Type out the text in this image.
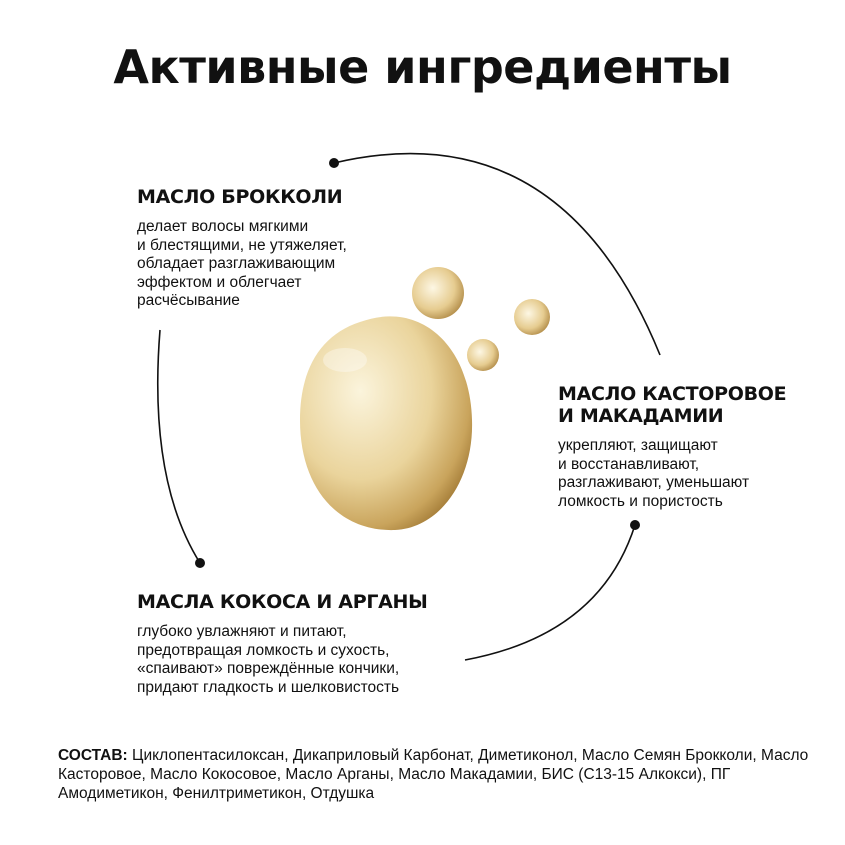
Активные ингредиенты
МАСЛО БРОККОЛИ
делает волосы мягкими
и блестящими, не утяжеляет,
обладает разглаживающим
эффектом и облегчает
расчёсывание
МАСЛО КАСТОРОВОЕ
И МАКАДАМИИ
укрепляют, защищают
и восстанавливают,
разглаживают, уменьшают
ломкость и пористость
МАСЛА КОКОСА И АРГАНЫ
глубоко увлажняют и питают,
предотвращая ломкость и сухость,
«спаивают» повреждённые кончики,
придают гладкость и шелковистость
СОСТАВ: Циклопентасилоксан, Дикаприловый Карбонат, Диметиконол, Масло Семян Брокколи, Масло Касторовое, Масло Кокосовое, Масло Арганы, Масло Макадамии, БИС (C13-15 Алкокси), ПГ Амодиметикон, Фенилтриметикон, Отдушка
